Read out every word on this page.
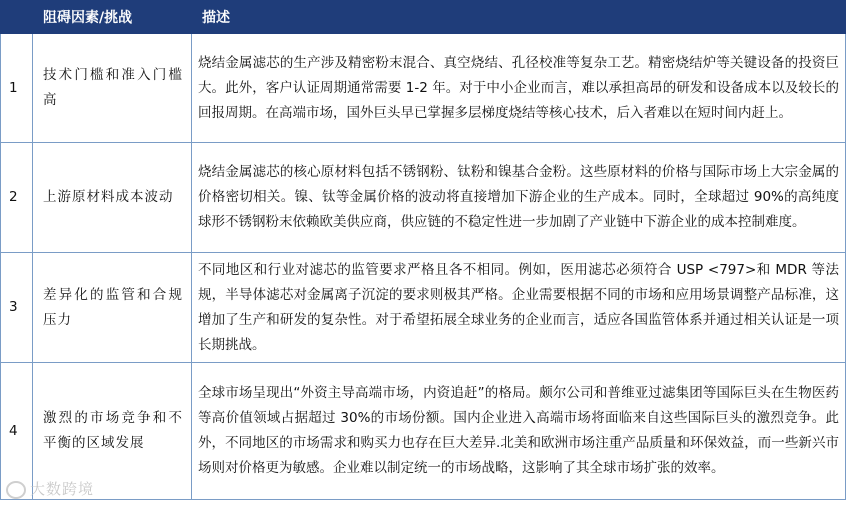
	阻碍因素/挑战	描述
1	技术门槛和准入门槛高	烧结金属滤芯的生产涉及精密粉末混合、真空烧结、孔径校准等复杂工艺。精密烧结炉等关键设备的投资巨大。此外，客户认证周期通常需要 1-2 年。对于中小企业而言，难以承担高昂的研发和设备成本以及较长的回报周期。在高端市场，国外巨头早已掌握多层梯度烧结等核心技术，后入者难以在短时间内赶上。
2	上游原材料成本波动	烧结金属滤芯的核心原材料包括不锈钢粉、钛粉和镍基合金粉。这些原材料的价格与国际市场上大宗金属的价格密切相关。镍、钛等金属价格的波动将直接增加下游企业的生产成本。同时，全球超过 90%的高纯度球形不锈钢粉末依赖欧美供应商，供应链的不稳定性进一步加剧了产业链中下游企业的成本控制难度。
3	差异化的监管和合规压力	不同地区和行业对滤芯的监管要求严格且各不相同。例如，医用滤芯必须符合 USP <797>和 MDR 等法规，半导体滤芯对金属离子沉淀的要求则极其严格。企业需要根据不同的市场和应用场景调整产品标准，这增加了生产和研发的复杂性。对于希望拓展全球业务的企业而言，适应各国监管体系并通过相关认证是一项长期挑战。
4	激烈的市场竞争和不平衡的区域发展	全球市场呈现出“外资主导高端市场，内资追赶”的格局。颇尔公司和普维亚过滤集团等国际巨头在生物医药等高价值领域占据超过 30%的市场份额。国内企业进入高端市场将面临来自这些国际巨头的激烈竞争。此外，不同地区的市场需求和购买力也存在巨大差异.北美和欧洲市场注重产品质量和环保效益，而一些新兴市场则对价格更为敏感。企业难以制定统一的市场战略，这影响了其全球市场扩张的效率。
大数跨境
